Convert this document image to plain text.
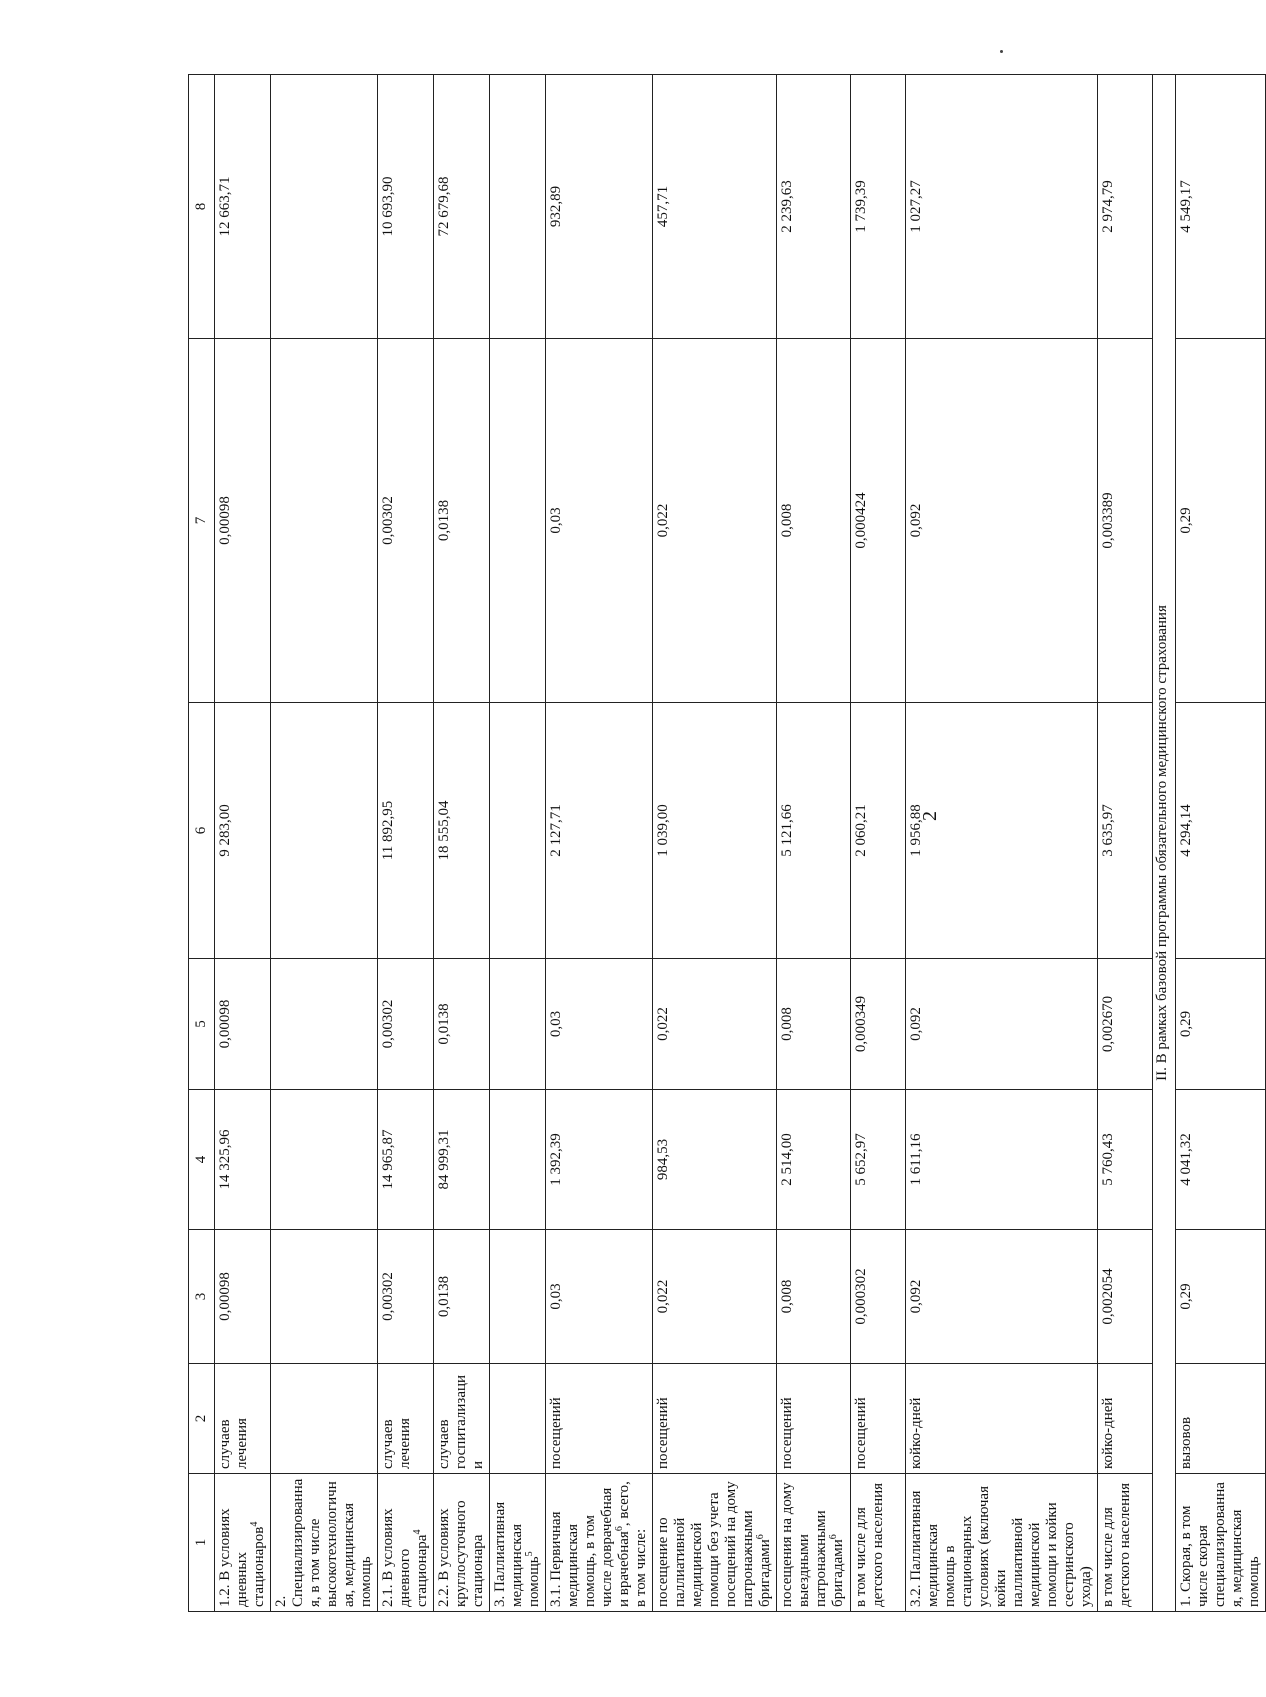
2
1	2	3	4	5	6	7	8
1.2. В условиях дневных стационаров$^4$	случаев лечения	0,00098	14 325,96	0,00098	9 283,00	0,00098	12 663,71
2. Специализированная, в том числе высокотехнологичная, медицинская помощь							
2.1. В условиях дневного стационара$^4$	случаев лечения	0,00302	14 965,87	0,00302	11 892,95	0,00302	10 693,90
2.2. В условиях круглосуточного стационара	случаев госпитализации	0,0138	84 999,31	0,0138	18 555,04	0,0138	72 679,68
3. Паллиативная медицинская помощь$^5$							
3.1. Первичная медицинская помощь, в том числе доврачебная и врачебная$^6$, всего, в том числе:	посещений	0,03	1 392,39	0,03	2 127,71	0,03	932,89
посещение по паллиативной медицинской помощи без учета посещений на дому патронажными бригадами$^6$	посещений	0,022	984,53	0,022	1 039,00	0,022	457,71
посещения на дому выездными патронажными бригадами$^6$	посещений	0,008	2 514,00	0,008	5 121,66	0,008	2 239,63
в том числе для детского населения	посещений	0,000302	5 652,97	0,000349	2 060,21	0,000424	1 739,39
3.2. Паллиативная медицинская помощь в стационарных условиях (включая койки паллиативной медицинской помощи и койки сестринского ухода)	койко-дней	0,092	1 611,16	0,092	1 956,88	0,092	1 027,27
в том числе для детского населения	койко-дней	0,002054	5 760,43	0,002670	3 635,97	0,003389	2 974,79
II. В рамках базовой программы обязательного медицинского страхования							
1. Скорая, в том числе скорая специализированная, медицинская помощь	вызовов	0,29	4 041,32	0,29	4 294,14	0,29	4 549,17
